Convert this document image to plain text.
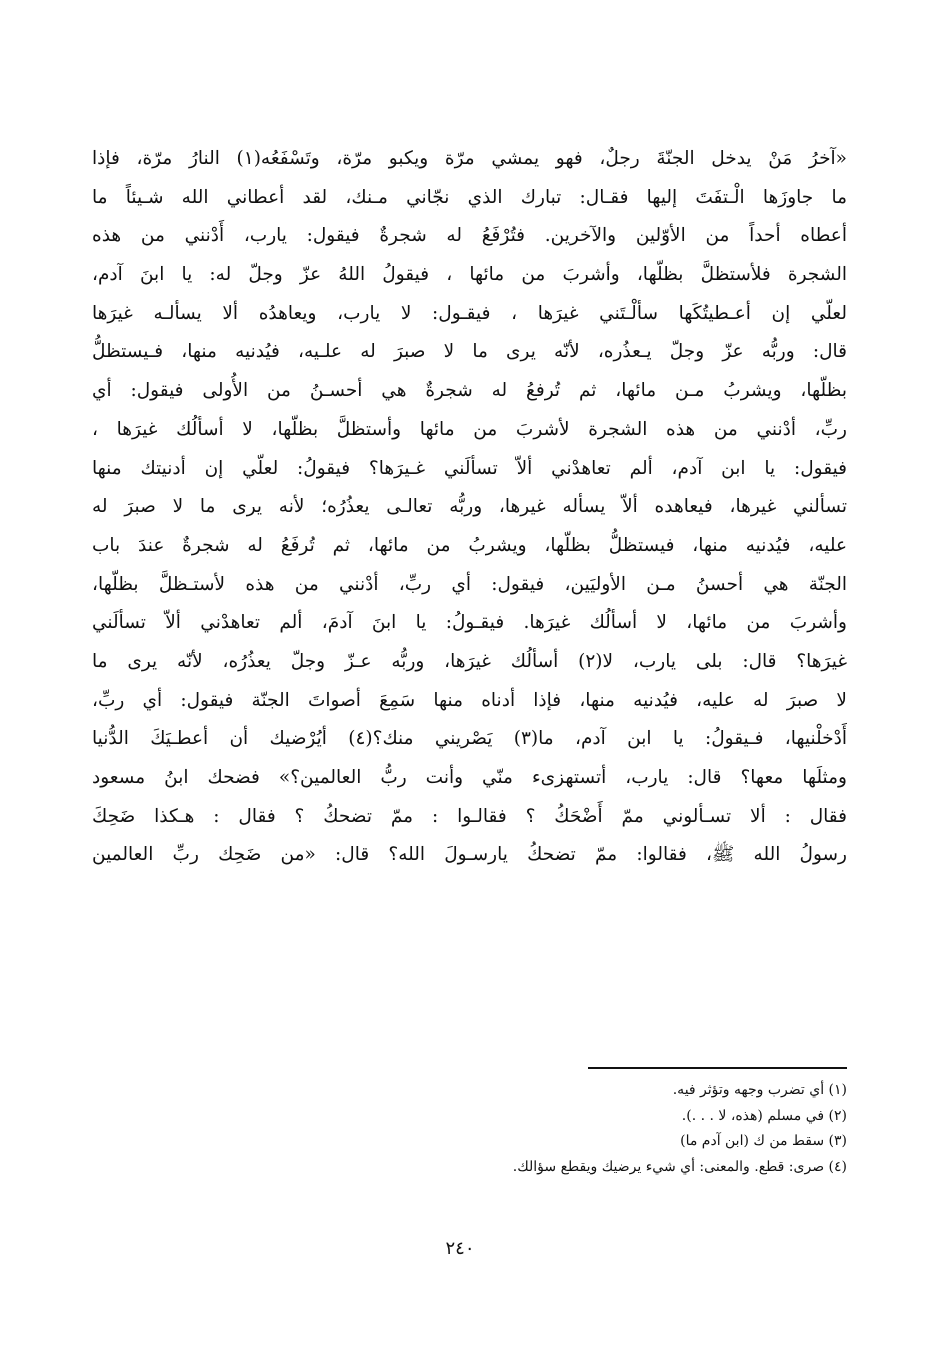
«آخرُ مَنْ يدخل الجنّةَ رجلٌ، فهو يمشي مرّة ويكبو مرّة، وتَسْفَعُه(١) النارُ مرّة، فإذا
ما جاوزَها الْـتفَتَ إليها فقـال: تبارك الذي نجّاني مـنك، لقد أعطاني الله شـيئاً ما
أعطاه أحداً من الأوّلين والآخرين. فتُرْفَعُ له شجرةٌ فيقول: يارب، أَدْنني من هذه
الشجرة فلأستظلَّ بظلّها، وأشربَ من مائها ، فيقولُ اللهُ عزّ وجلّ له: يا ابنَ آدم،
لعلّي إن أعـطيتُكَها سألْـتَني غيرَها ، فيقـول: لا يارب، ويعاهدُه ألا يسألـه غيرَها
قال: وربُّه عزّ وجلّ يـعذُره، لأنّه يرى ما لا صبرَ له علـيه، فيُدنيه منها، فـيستظلُّ
بظلّها، ويشربُ مـن مائها، ثم تُرفعُ له شجرةٌ هي أحسـنُ من الأُولى فيقول: أي
ربِّ، أدْنني من هذه الشجرة لأشربَ من مائها وأستظلَّ بظلّها، لا أسألُك غيرَها ،
فيقول: يا ابن آدم، ألم تعاهدْني ألاّ تسألَني غـيرَها؟ فيقولُ: لعلّي إن أدنيتك منها
تسألني غيرها، فيعاهده ألاّ يسأله غيرها، وربُّه تعالـى يعذُرُه؛ لأنه يرى ما لا صبرَ له
عليه، فيُدنيه منها، فيستظلُّ بظلّها، ويشربُ من مائها، ثم تُرفَعُ له شجرةٌ عندَ باب
الجنّة هي أحسنُ مـن الأوليَين، فيقول: أي ربِّ، أدْنني من هذه لأستـظلَّ بظلّها،
وأشربَ من مائها، لا أسألُك غيرَها. فيقـولُ: يا ابنَ آدمَ، ألم تعاهدْني ألاّ تسألَني
غيرَها؟ قال: بلى يارب، لا(٢) أسألُك غيرَها، وربُّه عـزّ وجلّ يعذُرُه، لأنّه يرى ما
لا صبرَ له عليه، فيُدنيه منها، فإذا أدناه منها سَمِعَ أصواتَ الجنّة فيقول: أي ربِّ،
أَدْخلْنيها، فـيقولُ: يا ابن آدم، ما(٣) يَصْريني منك؟(٤) أيُرْضيك أن أعطـيَكَ الدُّنيا
ومثلَها معها؟ قال: يارب، أتستهزىء منّي وأنت ربُّ العالمين؟» فضحك ابنُ مسعود
فقال : ألا تسـألوني ممّ أَضْحَكُ ؟ فقالـوا : ممّ تضحكُ ؟ فقال : هـكذا ضَحِكَ
رسولُ الله ﷺ، فقالوا: ممّ تضحكُ يارسـولَ الله؟ قال: «من ضَحِك ربِّ العالمين
(١) أي تضرب وجهه وتؤثر فيه.
(٢) في مسلم (هذه، لا . . .).
(٣) سقط من ك (ابن آدم ما)
(٤) صرى: قطع. والمعنى: أي شيء يرضيك ويقطع سؤالك.
٢٤٠
